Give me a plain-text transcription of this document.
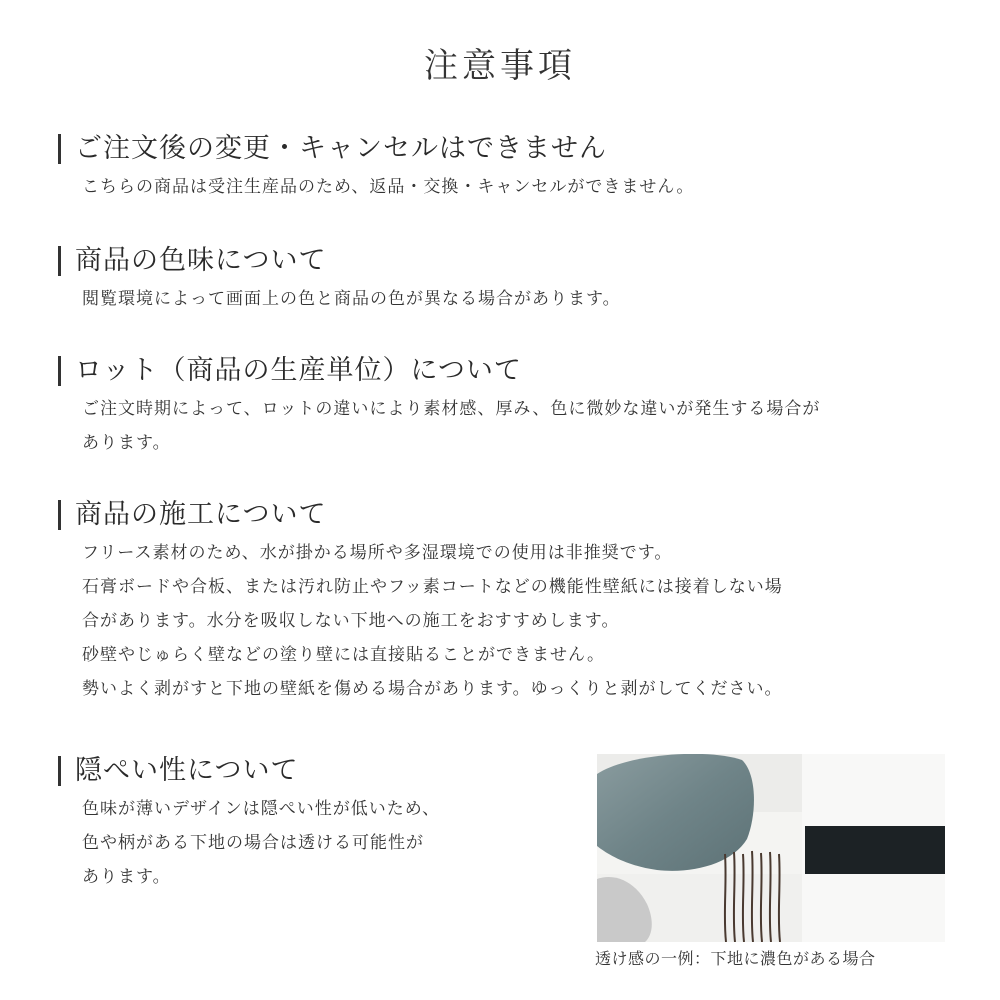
注意事項
ご注文後の変更・キャンセルはできません
こちらの商品は受注生産品のため、返品・交換・キャンセルができません。
商品の色味について
閲覧環境によって画面上の色と商品の色が異なる場合があります。
ロット（商品の生産単位）について
ご注文時期によって、ロットの違いにより素材感、厚み、色に微妙な違いが発生する場合が
あります。
商品の施工について
フリース素材のため、水が掛かる場所や多湿環境での使用は非推奨です。
石膏ボードや合板、または汚れ防止やフッ素コートなどの機能性壁紙には接着しない場
合があります。水分を吸収しない下地への施工をおすすめします。
砂壁やじゅらく壁などの塗り壁には直接貼ることができません。
勢いよく剥がすと下地の壁紙を傷める場合があります。ゆっくりと剥がしてください。
隠ぺい性について
色味が薄いデザインは隠ぺい性が低いため、
色や柄がある下地の場合は透ける可能性が
あります。
透け感の一例：下地に濃色がある場合
